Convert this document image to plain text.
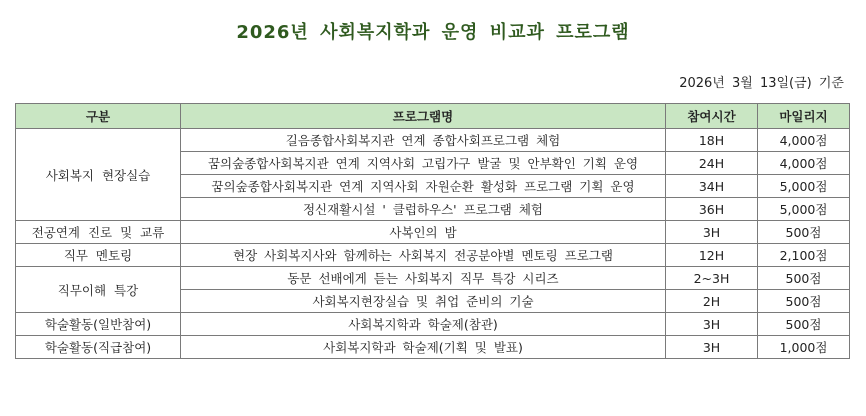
2026년 사회복지학과 운영 비교과 프로그램
2026년 3월 13일(금) 기준
구분	프로그램명	참여시간	마일리지
사회복지 현장실습	길음종합사회복지관 연계 종합사회프로그램 체험	18H	4,000점
	꿈의숲종합사회복지관 연계 지역사회 고립가구 발굴 및 안부확인 기획 운영	24H	4,000점
	꿈의숲종합사회복지관 연계 지역사회 자원순환 활성화 프로그램 기획 운영	34H	5,000점
	정신재활시설 ' 클럽하우스' 프로그램 체험	36H	5,000점
전공연계 진로 및 교류	사복인의 밤	3H	500점
직무 멘토링	현장 사회복지사와 함께하는 사회복지 전공분야별 멘토링 프로그램	12H	2,100점
직무이해 특강	동문 선배에게 듣는 사회복지 직무 특강 시리즈	2~3H	500점
	사회복지현장실습 및 취업 준비의 기술	2H	500점
학술활동(일반참여)	사회복지학과 학술제(참관)	3H	500점
학술활동(직급참여)	사회복지학과 학술제(기획 및 발표)	3H	1,000점
